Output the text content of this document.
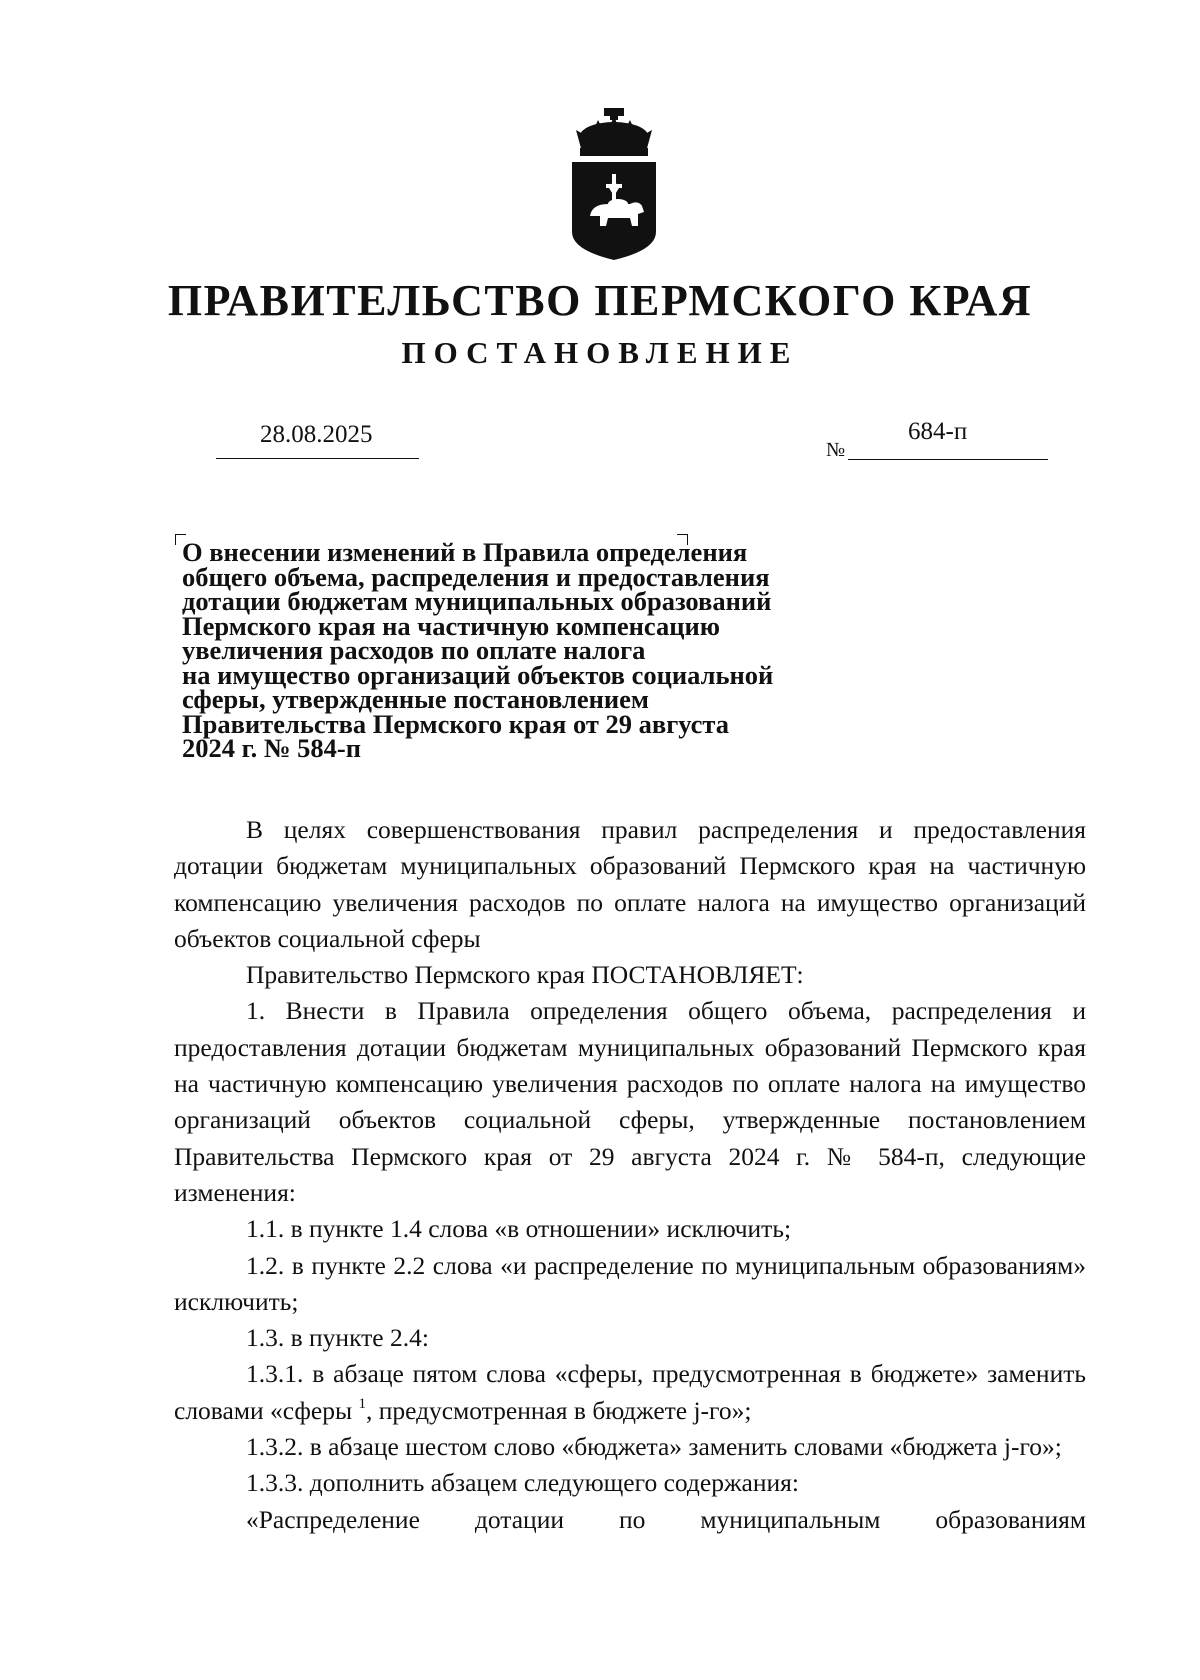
ПРАВИТЕЛЬСТВО ПЕРМСКОГО КРАЯ
ПОСТАНОВЛЕНИЕ
28.08.2025
№
684-п
О внесении изменений в Правила определения
общего объема, распределения и предоставления
дотации бюджетам муниципальных образований
Пермского края на частичную компенсацию
увеличения расходов по оплате налога
на имущество организаций объектов социальной
сферы, утвержденные постановлением
Правительства Пермского края от 29 августа
2024 г. № 584-п

В целях совершенствования правил распределения и предоставления дотации бюджетам муниципальных образований Пермского края на частичную компенсацию увеличения расходов по оплате налога на имущество организаций объектов социальной сферы

Правительство Пермского края ПОСТАНОВЛЯЕТ:

1. Внести в Правила определения общего объема, распределения и предоставления дотации бюджетам муниципальных образований Пермского края на частичную компенсацию увеличения расходов по оплате налога на имущество организаций объектов социальной сферы, утвержденные постановлением Правительства Пермского края от 29 августа 2024 г. № 584-п, следующие изменения:

1.1. в пункте 1.4 слова «в отношении» исключить;

1.2. в пункте 2.2 слова «и распределение по муниципальным образованиям» исключить;

1.3. в пункте 2.4:

1.3.1. в абзаце пятом слова «сферы, предусмотренная в бюджете» заменить словами «сферы $^1$, предусмотренная в бюджете j-го»;

1.3.2. в абзаце шестом слово «бюджета» заменить словами «бюджета j-го»;

1.3.3. дополнить абзацем следующего содержания:

«Распределение дотации по муниципальным образованиям
